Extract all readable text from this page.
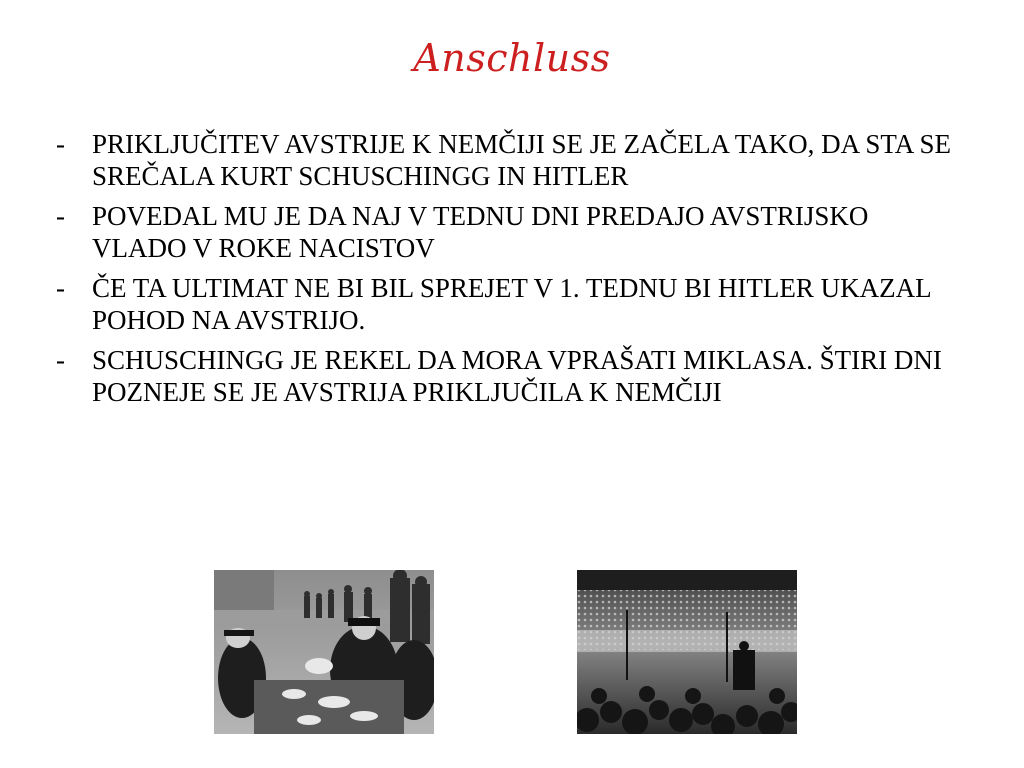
Anschluss
-	PRIKLJUČITEV AVSTRIJE K NEMČIJI SE JE ZAČELA TAKO, DA STA SE SREČALA KURT SCHUSCHINGG IN HITLER
-	POVEDAL MU JE DA NAJ V TEDNU DNI PREDAJO AVSTRIJSKO VLADO V ROKE NACISTOV
-	ČE TA ULTIMAT NE BI BIL SPREJET V 1. TEDNU BI HITLER UKAZAL POHOD NA AVSTRIJO.
-	SCHUSCHINGG JE REKEL DA MORA VPRAŠATI MIKLASA. ŠTIRI DNI POZNEJE SE JE AVSTRIJA PRIKLJUČILA K NEMČIJI
